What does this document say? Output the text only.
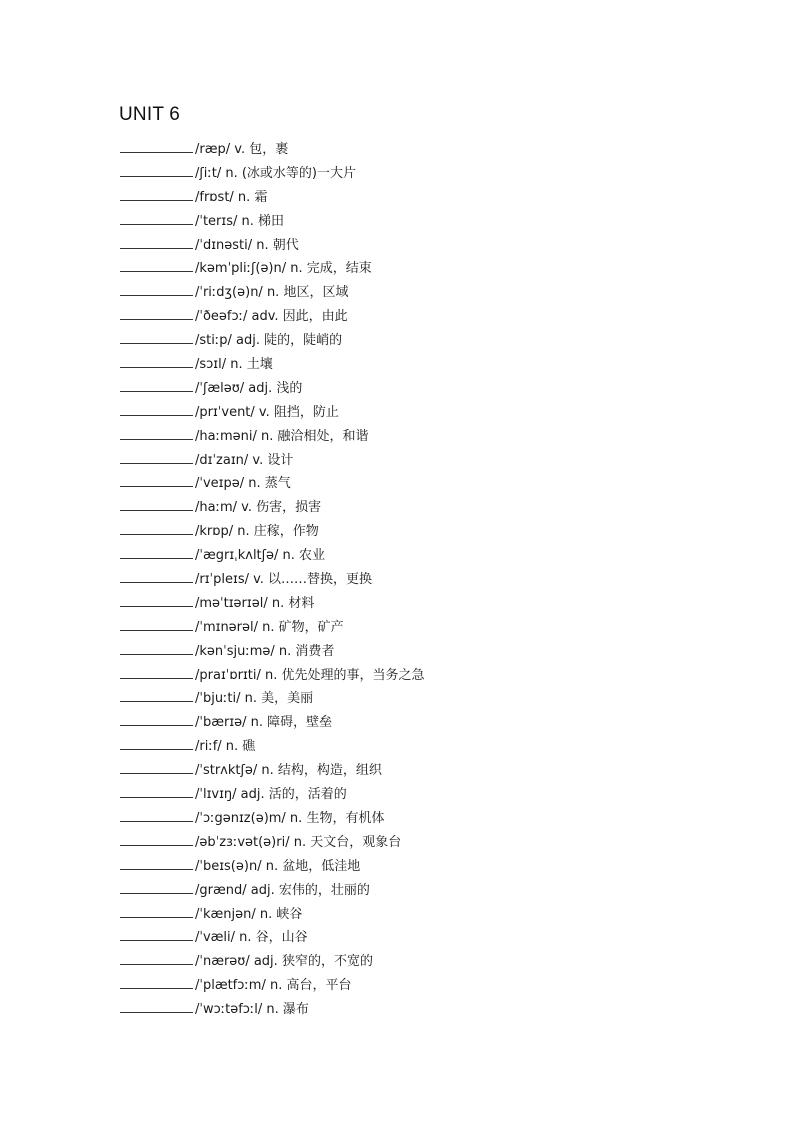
UNIT 6
/ræp/ v. 包，裹
/ʃiːt/ n. (冰或水等的)一大片
/frɒst/ n. 霜
/ˈterɪs/ n. 梯田
/ˈdɪnəsti/ n. 朝代
/kəmˈpliːʃ(ə)n/ n. 完成，结束
/ˈriːdʒ(ə)n/ n. 地区，区域
/ˈðeəfɔː/ adv. 因此，由此
/stiːp/ adj. 陡的，陡峭的
/sɔɪl/ n. 土壤
/ˈʃæləʊ/ adj. 浅的
/prɪˈvent/ v. 阻挡，防止
/haːməni/ n. 融洽相处，和谐
/dɪˈzaɪn/ v. 设计
/ˈveɪpə/ n. 蒸气
/haːm/ v. 伤害，损害
/krɒp/ n. 庄稼，作物
/ˈægrɪˌkʌltʃə/ n. 农业
/rɪˈpleɪs/ v. 以……替换，更换
/məˈtɪərɪəl/ n. 材料
/ˈmɪnərəl/ n. 矿物，矿产
/kənˈsjuːmə/ n. 消费者
/praɪˈɒrɪti/ n. 优先处理的事，当务之急
/ˈbjuːti/ n. 美，美丽
/ˈbærɪə/ n. 障碍，壁垒
/riːf/ n. 礁
/ˈstrʌktʃə/ n. 结构，构造，组织
/ˈlɪvɪŋ/ adj. 活的，活着的
/ˈɔːgənɪz(ə)m/ n. 生物，有机体
/əbˈzɜːvət(ə)ri/ n. 天文台，观象台
/ˈbeɪs(ə)n/ n. 盆地，低洼地
/grænd/ adj. 宏伟的，壮丽的
/ˈkænjən/ n. 峡谷
/ˈvæli/ n. 谷，山谷
/ˈnærəʊ/ adj. 狭窄的，不宽的
/ˈplætfɔːm/ n. 高台，平台
/ˈwɔːtəfɔːl/ n. 瀑布
